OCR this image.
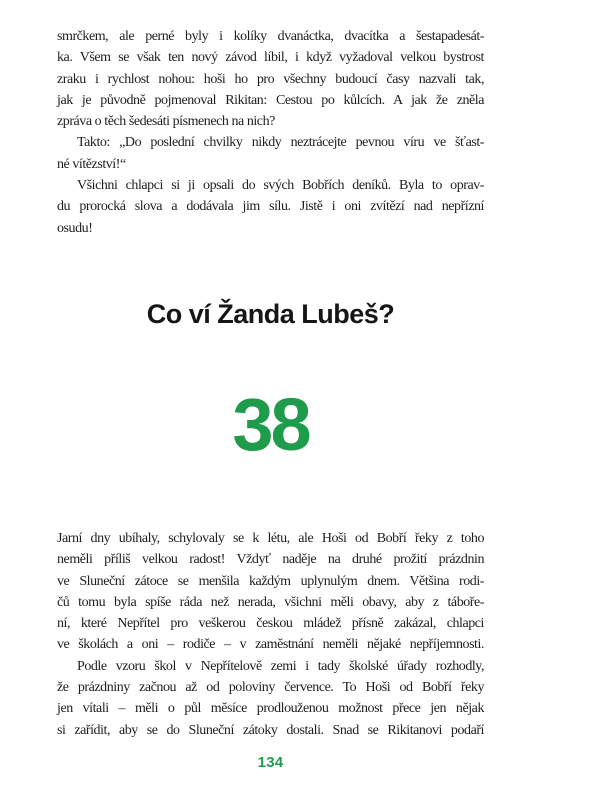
smrčkem, ale perné byly i kolíky dvanáctka, dvacítka a šestapadesát-
ka. Všem se však ten nový závod líbil, i když vyžadoval velkou bystrost
zraku i rychlost nohou: hoši ho pro všechny budoucí časy nazvali tak,
jak je původně pojmenoval Rikitan: Cestou po kůlcích. A jak že zněla
zpráva o těch šedesáti písmenech na nich?
Takto: „Do poslední chvilky nikdy neztrácejte pevnou víru ve šťast-
né vítězství!“
Všichni chlapci si ji opsali do svých Bobřích deníků. Byla to oprav-
du prorocká slova a dodávala jim sílu. Jistě i oni zvítězí nad nepřízní
osudu!
Co ví Žanda Lubeš?
38
Jarní dny ubíhaly, schylovaly se k létu, ale Hoši od Bobří řeky z toho
neměli příliš velkou radost! Vždyť naděje na druhé prožití prázdnin
ve Sluneční zátoce se menšila každým uplynulým dnem. Většina rodi-
čů tomu byla spíše ráda než nerada, všichni měli obavy, aby z táboře-
ní, které Nepřítel pro veškerou českou mládež přísně zakázal, chlapci
ve školách a oni – rodiče – v zaměstnání neměli nějaké nepříjemnosti.
Podle vzoru škol v Nepřítelově zemi i tady školské úřady rozhodly,
že prázdniny začnou až od poloviny července. To Hoši od Bobří řeky
jen vítali – měli o půl měsíce prodlouženou možnost přece jen nějak
si zařídit, aby se do Sluneční zátoky dostali. Snad se Rikitanovi podaří
134
